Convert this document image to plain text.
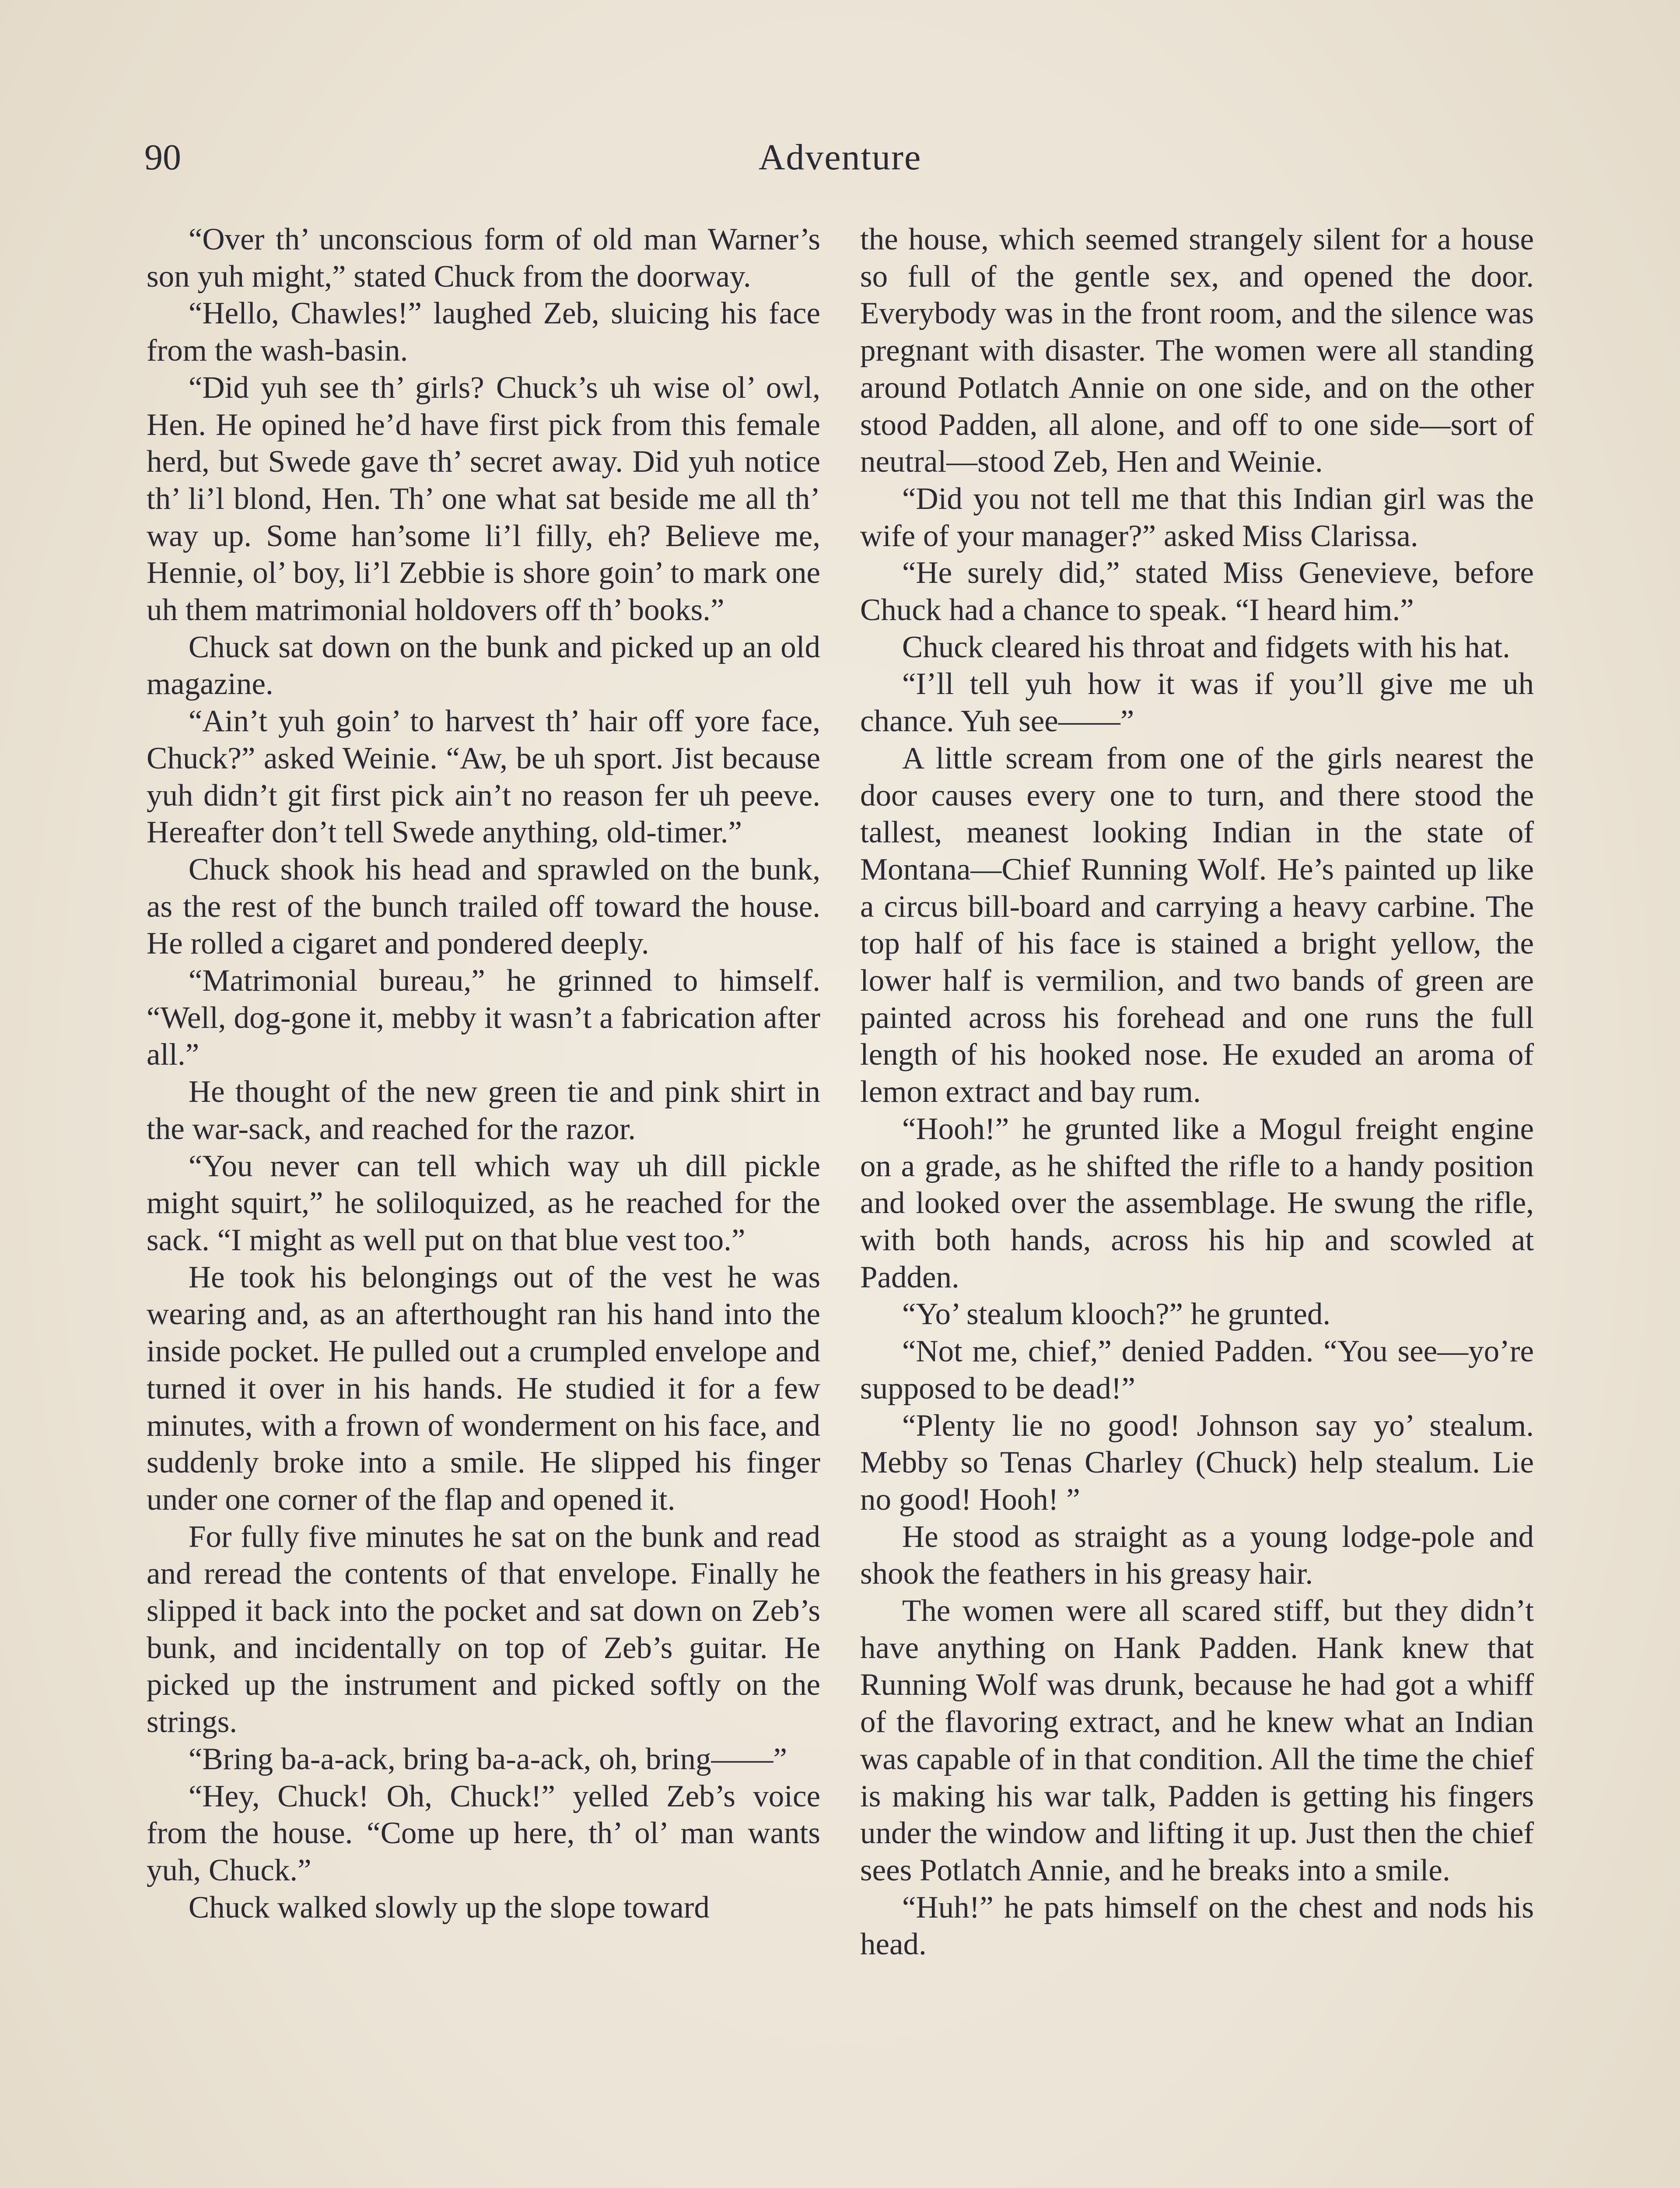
90	Adventure

“Over th’ unconscious form of old man Warner’s son yuh might,” stated Chuck from the doorway.

“Hello, Chawles!” laughed Zeb, sluicing his face from the wash-basin.

“Did yuh see th’ girls? Chuck’s uh wise ol’ owl, Hen. He opined he’d have first pick from this female herd, but Swede gave th’ secret away. Did yuh notice th’ li’l blond, Hen. Th’ one what sat beside me all th’ way up. Some han’some li’l filly, eh? Believe me, Hennie, ol’ boy, li’l Zebbie is shore goin’ to mark one uh them matrimonial holdovers off th’ books.”

Chuck sat down on the bunk and picked up an old magazine.

“Ain’t yuh goin’ to harvest th’ hair off yore face, Chuck?” asked Weinie. “Aw, be uh sport. Jist because yuh didn’t git first pick ain’t no reason fer uh peeve. Hereafter don’t tell Swede anything, old-timer.”

Chuck shook his head and sprawled on the bunk, as the rest of the bunch trailed off toward the house. He rolled a cigaret and pondered deeply.

“Matrimonial bureau,” he grinned to himself. “Well, dog-gone it, mebby it wasn’t a fabrication after all.”

He thought of the new green tie and pink shirt in the war-sack, and reached for the razor.

“You never can tell which way uh dill pickle might squirt,” he soliloquized, as he reached for the sack. “I might as well put on that blue vest too.”

He took his belongings out of the vest he was wearing and, as an afterthought ran his hand into the inside pocket. He pulled out a crumpled envelope and turned it over in his hands. He studied it for a few minutes, with a frown of wonderment on his face, and suddenly broke into a smile. He slipped his finger under one corner of the flap and opened it.

For fully five minutes he sat on the bunk and read and reread the contents of that envelope. Finally he slipped it back into the pocket and sat down on Zeb’s bunk, and incidentally on top of Zeb’s guitar. He picked up the instrument and picked softly on the strings.

“Bring ba-a-ack, bring ba-a-ack, oh, bring——”

“Hey, Chuck! Oh, Chuck!” yelled Zeb’s voice from the house. “Come up here, th’ ol’ man wants yuh, Chuck.”

Chuck walked slowly up the slope toward

the house, which seemed strangely silent for a house so full of the gentle sex, and opened the door. Everybody was in the front room, and the silence was pregnant with disaster. The women were all standing around Potlatch Annie on one side, and on the other stood Padden, all alone, and off to one side—sort of neutral—stood Zeb, Hen and Weinie.

“Did you not tell me that this Indian girl was the wife of your manager?” asked Miss Clarissa.

“He surely did,” stated Miss Genevieve, before Chuck had a chance to speak. “I heard him.”

Chuck cleared his throat and fidgets with his hat.

“I’ll tell yuh how it was if you’ll give me uh chance. Yuh see——”

A little scream from one of the girls nearest the door causes every one to turn, and there stood the tallest, meanest looking Indian in the state of Montana—Chief Running Wolf. He’s painted up like a circus bill-board and carrying a heavy carbine. The top half of his face is stained a bright yellow, the lower half is vermilion, and two bands of green are painted across his forehead and one runs the full length of his hooked nose. He exuded an aroma of lemon extract and bay rum.

“Hooh!” he grunted like a Mogul freight engine on a grade, as he shifted the rifle to a handy position and looked over the assemblage. He swung the rifle, with both hands, across his hip and scowled at Padden.

“Yo’ stealum klooch?” he grunted.

“Not me, chief,” denied Padden. “You see—yo’re supposed to be dead!”

“Plenty lie no good! Johnson say yo’ stealum. Mebby so Tenas Charley (Chuck) help stealum. Lie no good! Hooh! ”

He stood as straight as a young lodge-pole and shook the feathers in his greasy hair.

The women were all scared stiff, but they didn’t have anything on Hank Padden. Hank knew that Running Wolf was drunk, because he had got a whiff of the flavoring extract, and he knew what an Indian was capable of in that condition. All the time the chief is making his war talk, Padden is getting his fingers under the window and lifting it up. Just then the chief sees Potlatch Annie, and he breaks into a smile.

“Huh!” he pats himself on the chest and nods his head.
